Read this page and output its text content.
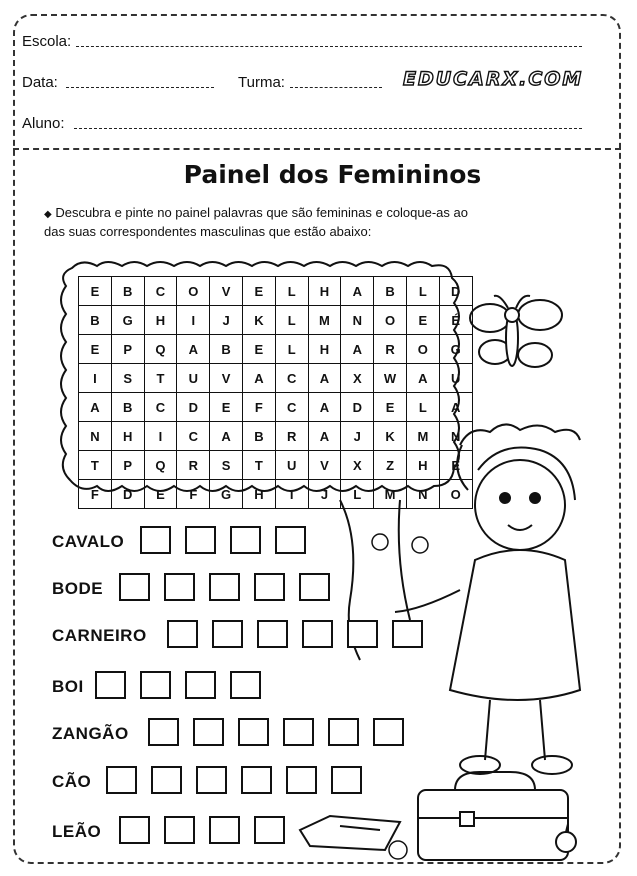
Escola:
Data:	Turma:	EDUCARX.COM
Aluno:
Painel dos Femininos
◆ Descubra e pinte no painel palavras que são femininas e coloque-as ao
das suas correspondentes masculinas que estão abaixo:
E	B	C	O	V	E	L	H	A	B	L	D
B	G	H	I	J	K	L	M	N	O	E	É
E	P	Q	A	B	E	L	H	A	R	O	G
I	S	T	U	V	A	C	A	X	W	A	U
A	B	C	D	E	F	C	A	D	E	L	A
N	H	I	C	A	B	R	A	J	K	M	N
T	P	Q	R	S	T	U	V	X	Z	H	E
F	D	E	F	G	H	I	J	L	M	N	O
CAVALO
BODE
CARNEIRO
BOI
ZANGÃO
CÃO
LEÃO
